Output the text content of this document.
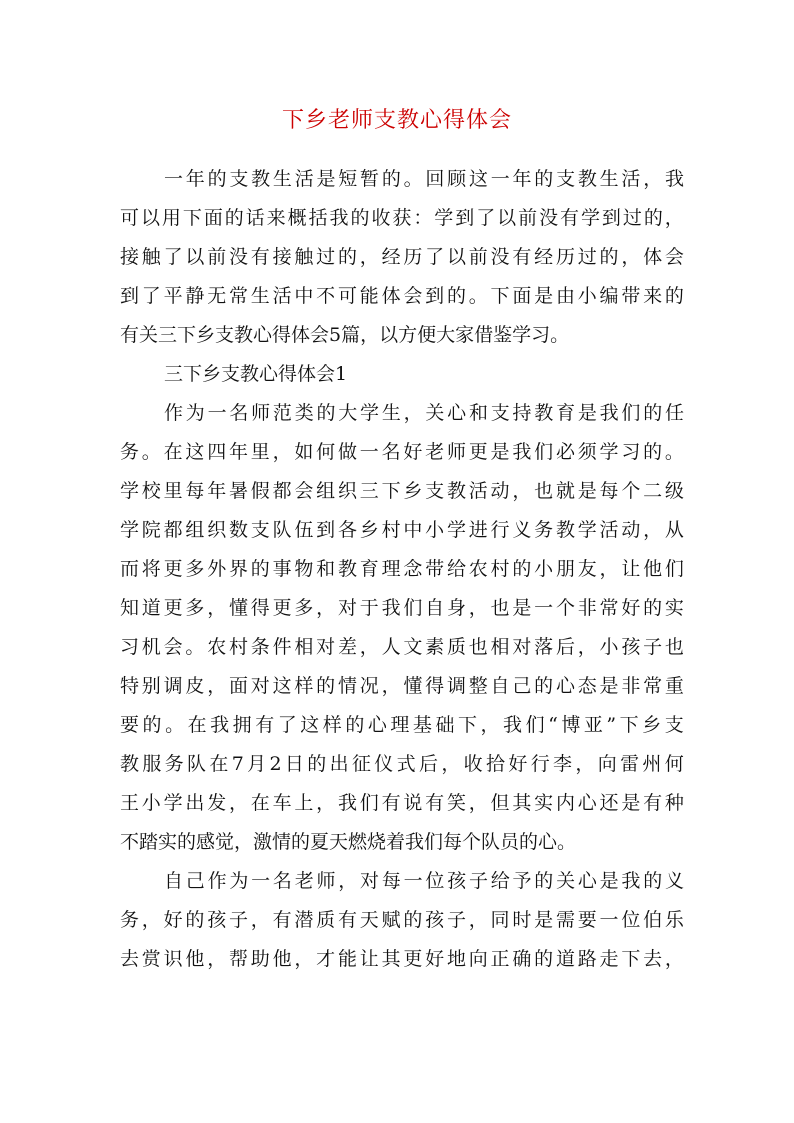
下乡老师支教心得体会
一 年 的 支 教 生 活 是 短 暂 的 。 回 顾 这 一 年 的 支 教 生 活 ， 我
可 以 用 下 面 的 话 来 概 括 我 的 收 获 ： 学 到 了 以 前 没 有 学 到 过 的 ，
接 触 了 以 前 没 有 接 触 过 的 ， 经 历 了 以 前 没 有 经 历 过 的 ， 体 会
到 了 平 静 无 常 生 活 中 不 可 能 体 会 到 的 。 下 面 是 由 小 编 带 来 的
有关三下乡支教心得体会5篇，以方便大家借鉴学习。
三下乡支教心得体会1
作 为 一 名 师 范 类 的 大 学 生 ， 关 心 和 支 持 教 育 是 我 们 的 任
务 。 在 这 四 年 里 ， 如 何 做 一 名 好 老 师 更 是 我 们 必 须 学 习 的 。
学 校 里 每 年 暑 假 都 会 组 织 三 下 乡 支 教 活 动 ， 也 就 是 每 个 二 级
学 院 都 组 织 数 支 队 伍 到 各 乡 村 中 小 学 进 行 义 务 教 学 活 动 ， 从
而 将 更 多 外 界 的 事 物 和 教 育 理 念 带 给 农 村 的 小 朋 友 ， 让 他 们
知 道 更 多 ， 懂 得 更 多 ， 对 于 我 们 自 身 ， 也 是 一 个 非 常 好 的 实
习 机 会 。 农 村 条 件 相 对 差 ， 人 文 素 质 也 相 对 落 后 ， 小 孩 子 也
特 别 调 皮 ， 面 对 这 样 的 情 况 ， 懂 得 调 整 自 己 的 心 态 是 非 常 重
要 的 。 在 我 拥 有 了 这 样 的 心 理 基 础 下 ， 我 们 “ 博 亚 ” 下 乡 支
教 服 务 队 在 7 月 2 日 的 出 征 仪 式 后 ， 收 拾 好 行 李 ， 向 雷 州 何
王 小 学 出 发 ， 在 车 上 ， 我 们 有 说 有 笑 ， 但 其 实 内 心 还 是 有 种
不踏实的感觉，激情的夏天燃烧着我们每个队员的心。
自 己 作 为 一 名 老 师 ， 对 每 一 位 孩 子 给 予 的 关 心 是 我 的 义
务 ， 好 的 孩 子 ， 有 潜 质 有 天 赋 的 孩 子 ， 同 时 是 需 要 一 位 伯 乐
去 赏 识 他 ， 帮 助 他 ， 才 能 让 其 更 好 地 向 正 确 的 道 路 走 下 去 ，
